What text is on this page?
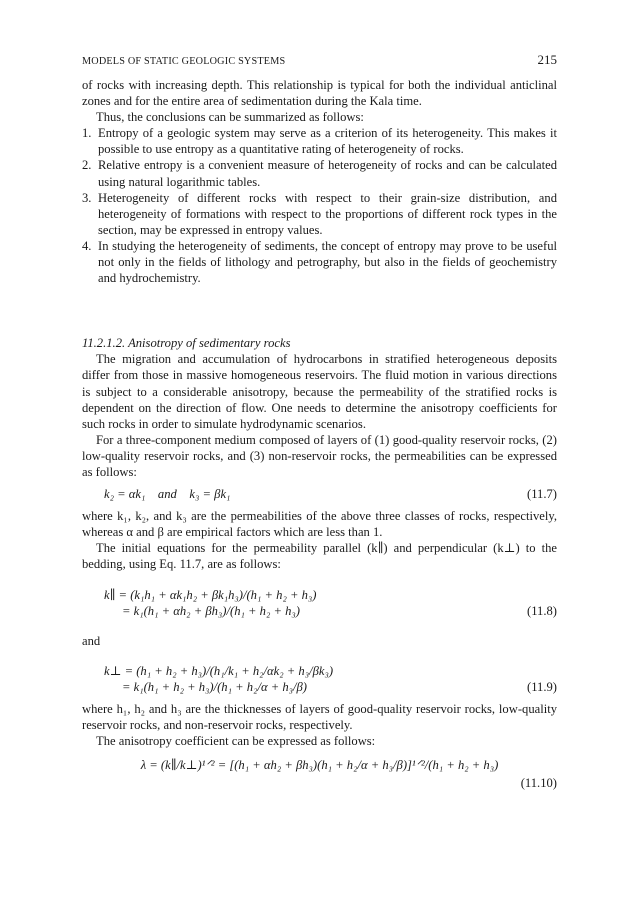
MODELS OF STATIC GEOLOGIC SYSTEMS	215

of rocks with increasing depth. This relationship is typical for both the individual anticlinal zones and for the entire area of sedimentation during the Kala time.

Thus, the conclusions can be summarized as follows:

1. Entropy of a geologic system may serve as a criterion of its heterogeneity. This makes it possible to use entropy as a quantitative rating of heterogeneity of rocks.
2. Relative entropy is a convenient measure of heterogeneity of rocks and can be calculated using natural logarithmic tables.
3. Heterogeneity of different rocks with respect to their grain-size distribution, and heterogeneity of formations with respect to the proportions of different rock types in the section, may be expressed in entropy values.
4. In studying the heterogeneity of sediments, the concept of entropy may prove to be useful not only in the fields of lithology and petrography, but also in the fields of geochemistry and hydrochemistry.

11.2.1.2. Anisotropy of sedimentary rocks

The migration and accumulation of hydrocarbons in stratified heterogeneous deposits differ from those in massive homogeneous reservoirs. The fluid motion in various directions is subject to a considerable anisotropy, because the permeability of the stratified rocks is dependent on the direction of flow. One needs to determine the anisotropy coefficients for such rocks in order to simulate hydrodynamic scenarios.

For a three-component medium composed of layers of (1) good-quality reservoir rocks, (2) low-quality reservoir rocks, and (3) non-reservoir rocks, the permeabilities can be expressed as follows:

k₂ = αk₁    and    k₃ = βk₁	(11.7)

where k₁, k₂, and k₃ are the permeabilities of the above three classes of rocks, respectively, whereas α and β are empirical factors which are less than 1.

The initial equations for the permeability parallel (k∥) and perpendicular (k⊥) to the bedding, using Eq. 11.7, are as follows:

k∥ = (k₁h₁ + αk₁h₂ + βk₁h₃)/(h₁ + h₂ + h₃)
= k₁(h₁ + αh₂ + βh₃)/(h₁ + h₂ + h₃)	(11.8)

and

k⊥ = (h₁ + h₂ + h₃)/(h₁/k₁ + h₂/αk₂ + h₃/βk₃)
= k₁(h₁ + h₂ + h₃)/(h₁ + h₂/α + h₃/β)	(11.9)

where h₁, h₂ and h₃ are the thicknesses of layers of good-quality reservoir rocks, low-quality reservoir rocks, and non-reservoir rocks, respectively.

The anisotropy coefficient can be expressed as follows:

λ = (k∥/k⊥)¹ᐟ² = [(h₁ + αh₂ + βh₃)(h₁ + h₂/α + h₃/β)]¹ᐟ²/(h₁ + h₂ + h₃)
(11.10)
